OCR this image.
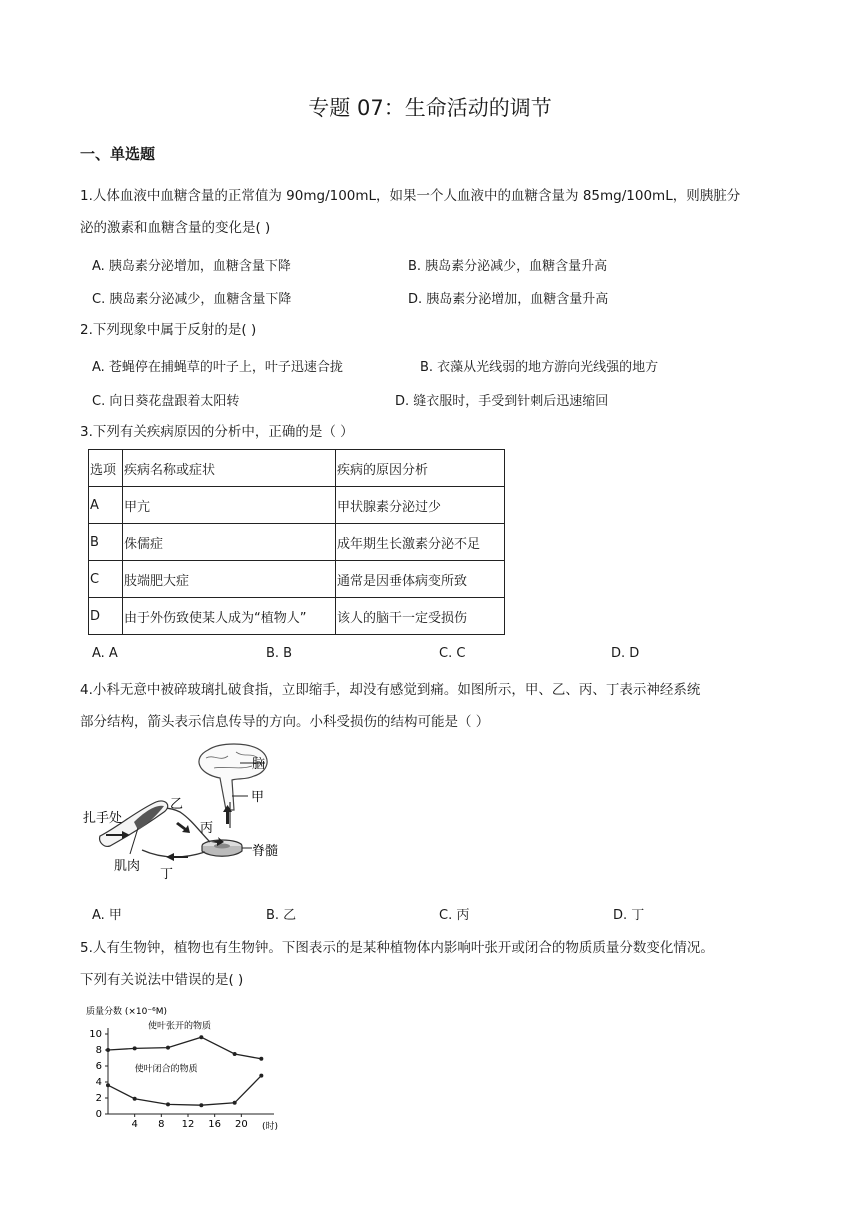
专题 07：生命活动的调节
一、单选题
1.人体血液中血糖含量的正常值为 90mg/100mL，如果一个人血液中的血糖含量为 85mg/100mL，则胰脏分
泌的激素和血糖含量的变化是( )
A. 胰岛素分泌增加，血糖含量下降	B. 胰岛素分泌减少，血糖含量升高
C. 胰岛素分泌减少，血糖含量下降	D. 胰岛素分泌增加，血糖含量升高
2.下列现象中属于反射的是( )
A. 苍蝇停在捕蝇草的叶子上，叶子迅速合拢	B. 衣藻从光线弱的地方游向光线强的地方
C. 向日葵花盘跟着太阳转	D. 缝衣服时，手受到针刺后迅速缩回
3.下列有关疾病原因的分析中，正确的是（ ）
选项	疾病名称或症状	疾病的原因分析
A	甲亢	甲状腺素分泌过少
B	侏儒症	成年期生长激素分泌不足
C	肢端肥大症	通常是因垂体病变所致
D	由于外伤致使某人成为“植物人”	该人的脑干一定受损伤
A. A	B. B	C. C	D. D
4.小科无意中被碎玻璃扎破食指，立即缩手，却没有感觉到痛。如图所示，甲、乙、丙、丁表示神经系统
部分结构，箭头表示信息传导的方向。小科受损伤的结构可能是（ ）
脑
甲
乙
丙
脊髓
扎手处
肌肉
丁
A. 甲	B. 乙	C. 丙	D. 丁
5.人有生物钟，植物也有生物钟。下图表示的是某种植物体内影响叶张开或闭合的物质质量分数变化情况。
下列有关说法中错误的是( )
质量分数 (×10⁻⁶M)
(时)
0
2
4
6
8
10
4 8 12 16 20
使叶张开的物质
使叶闭合的物质
